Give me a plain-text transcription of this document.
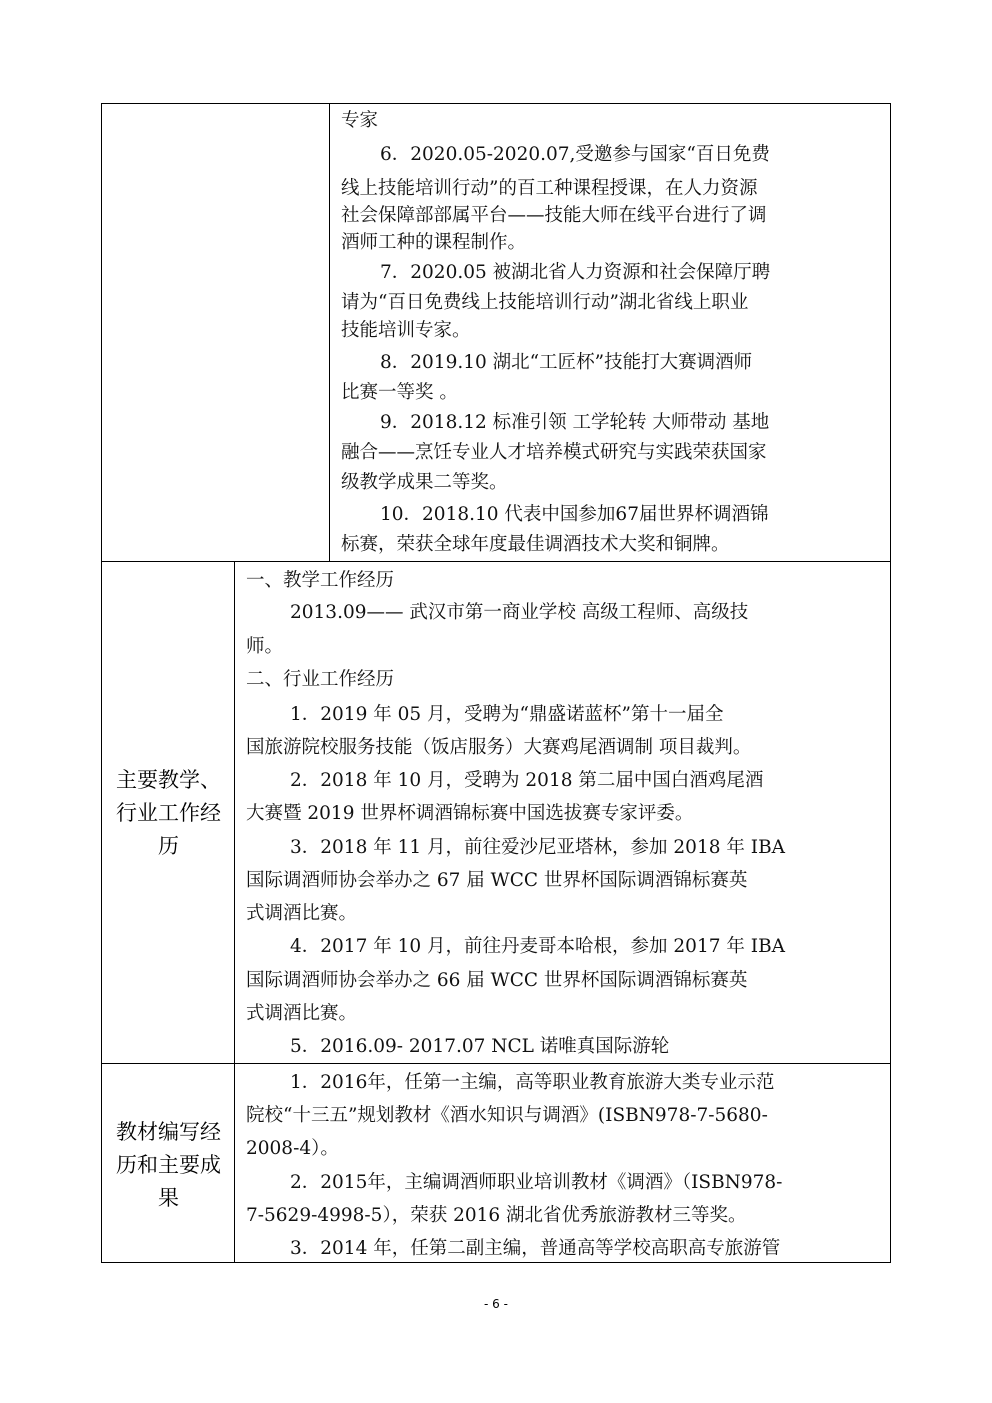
专家
6．2020.05-2020.07,受邀参与国家“百日免费
线上技能培训行动”的百工种课程授课，在人力资源
社会保障部部属平台——技能大师在线平台进行了调
酒师工种的课程制作。
7．2020.05 被湖北省人力资源和社会保障厅聘
请为“百日免费线上技能培训行动”湖北省线上职业
技能培训专家。
8．2019.10 湖北“工匠杯”技能打大赛调酒师
比赛一等奖 。
9．2018.12 标准引领 工学轮转 大师带动 基地
融合——烹饪专业人才培养模式研究与实践荣获国家
级教学成果二等奖。
10．2018.10 代表中国参加67届世界杯调酒锦
标赛，荣获全球年度最佳调酒技术大奖和铜牌。
主要教学、
行业工作经
历
一、教学工作经历
2013.09—— 武汉市第一商业学校 高级工程师、高级技
师。
二、行业工作经历
1．2019 年 05 月，受聘为“鼎盛诺蓝杯”第十一届全
国旅游院校服务技能（饭店服务）大赛鸡尾酒调制 项目裁判。
2．2018 年 10 月，受聘为 2018 第二届中国白酒鸡尾酒
大赛暨 2019 世界杯调酒锦标赛中国选拔赛专家评委。
3．2018 年 11 月，前往爱沙尼亚塔林，参加 2018 年 IBA
国际调酒师协会举办之 67 届 WCC 世界杯国际调酒锦标赛英
式调酒比赛。
4．2017 年 10 月，前往丹麦哥本哈根，参加 2017 年 IBA
国际调酒师协会举办之 66 届 WCC 世界杯国际调酒锦标赛英
式调酒比赛。
5．2016.09- 2017.07 NCL 诺唯真国际游轮
教材编写经
历和主要成
果
1．2016年，任第一主编，高等职业教育旅游大类专业示范
院校“十三五”规划教材《酒水知识与调酒》(ISBN978-7-5680-
2008-4）。
2．2015年，主编调酒师职业培训教材《调酒》（ISBN978-
7-5629-4998-5），荣获 2016 湖北省优秀旅游教材三等奖。
3．2014 年，任第二副主编，普通高等学校高职高专旅游管
- 6 -
